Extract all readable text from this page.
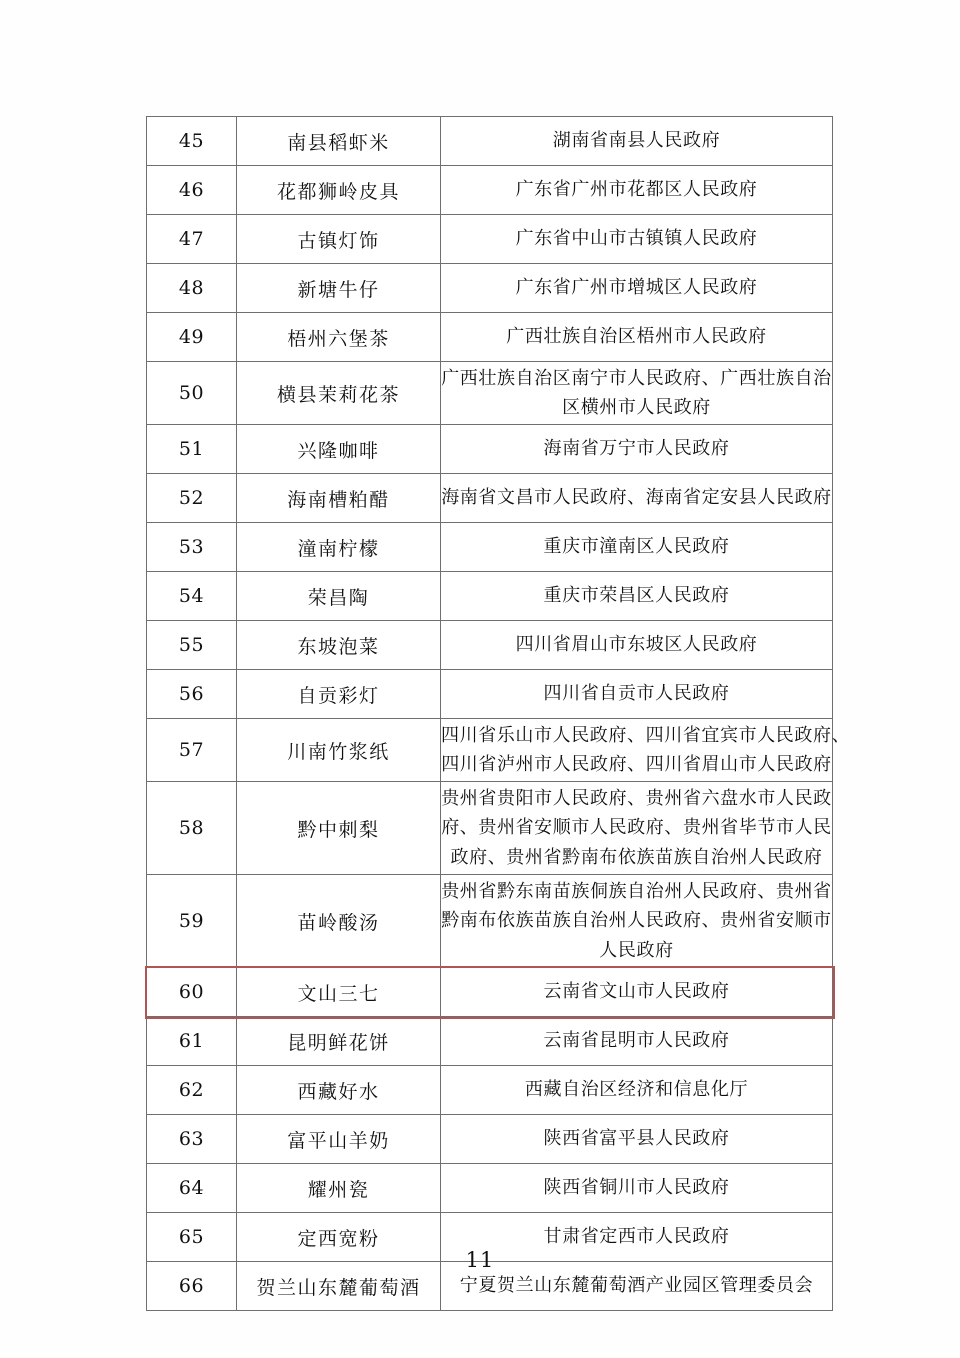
45	南县稻虾米	湖南省南县人民政府

46	花都狮岭皮具	广东省广州市花都区人民政府

47	古镇灯饰	广东省中山市古镇镇人民政府

48	新塘牛仔	广东省广州市增城区人民政府

49	梧州六堡茶	广西壮族自治区梧州市人民政府

50	横县茉莉花茶	广西壮族自治区南宁市人民政府、广西壮族自治
区横州市人民政府

51	兴隆咖啡	海南省万宁市人民政府

52	海南槽粕醋	海南省文昌市人民政府、海南省定安县人民政府

53	潼南柠檬	重庆市潼南区人民政府

54	荣昌陶	重庆市荣昌区人民政府

55	东坡泡菜	四川省眉山市东坡区人民政府

56	自贡彩灯	四川省自贡市人民政府

57	川南竹浆纸	四川省乐山市人民政府、四川省宜宾市人民政府、
四川省泸州市人民政府、四川省眉山市人民政府

58	黔中刺梨	贵州省贵阳市人民政府、贵州省六盘水市人民政
府、贵州省安顺市人民政府、贵州省毕节市人民
政府、贵州省黔南布依族苗族自治州人民政府

59	苗岭酸汤	贵州省黔东南苗族侗族自治州人民政府、贵州省
黔南布依族苗族自治州人民政府、贵州省安顺市
人民政府

60	文山三七	云南省文山市人民政府

61	昆明鲜花饼	云南省昆明市人民政府

62	西藏好水	西藏自治区经济和信息化厅

63	富平山羊奶	陕西省富平县人民政府

64	耀州瓷	陕西省铜川市人民政府

65	定西宽粉	甘肃省定西市人民政府

66	贺兰山东麓葡萄酒	宁夏贺兰山东麓葡萄酒产业园区管理委员会
11
